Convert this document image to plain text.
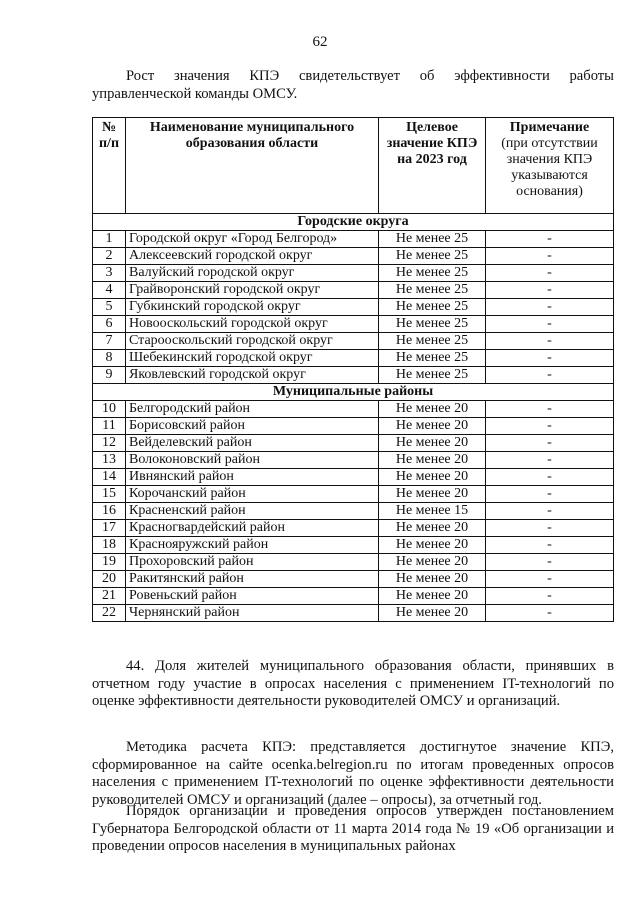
62
Рост значения КПЭ свидетельствует об эффективности работы управленческой команды ОМСУ.
№ п/п	Наименование муниципального образования области	Целевое значение КПЭ на 2023 год	Примечание
(при отсутствии значения КПЭ указываются основания)

Городские округа			
1	Городской округ «Город Белгород»	Не менее 25	-
2	Алексеевский городской округ	Не менее 25	-
3	Валуйский городской округ	Не менее 25	-
4	Грайворонский городской округ	Не менее 25	-
5	Губкинский городской округ	Не менее 25	-
6	Новооскольский городской округ	Не менее 25	-
7	Старооскольский городской округ	Не менее 25	-
8	Шебекинский городской округ	Не менее 25	-
9	Яковлевский городской округ	Не менее 25	-
Муниципальные районы			
10	Белгородский район	Не менее 20	-
11	Борисовский район	Не менее 20	-
12	Вейделевский район	Не менее 20	-
13	Волоконовский район	Не менее 20	-
14	Ивнянский район	Не менее 20	-
15	Корочанский район	Не менее 20	-
16	Красненский район	Не менее 15	-
17	Красногвардейский район	Не менее 20	-
18	Краснояружский район	Не менее 20	-
19	Прохоровский район	Не менее 20	-
20	Ракитянский район	Не менее 20	-
21	Ровеньский район	Не менее 20	-
22	Чернянский район	Не менее 20	-
44. Доля жителей муниципального образования области, принявших в отчетном году участие в опросах населения с применением IT-технологий по оценке эффективности деятельности руководителей ОМСУ и организаций.
Методика расчета КПЭ: представляется достигнутое значение КПЭ, сформированное на сайте ocenka.belregion.ru по итогам проведенных опросов населения с применением IT-технологий по оценке эффективности деятельности руководителей ОМСУ и организаций (далее – опросы), за отчетный год.
Порядок организации и проведения опросов утвержден постановлением Губернатора Белгородской области от 11 марта 2014 года № 19 «Об организации и проведении опросов населения в муниципальных районах
